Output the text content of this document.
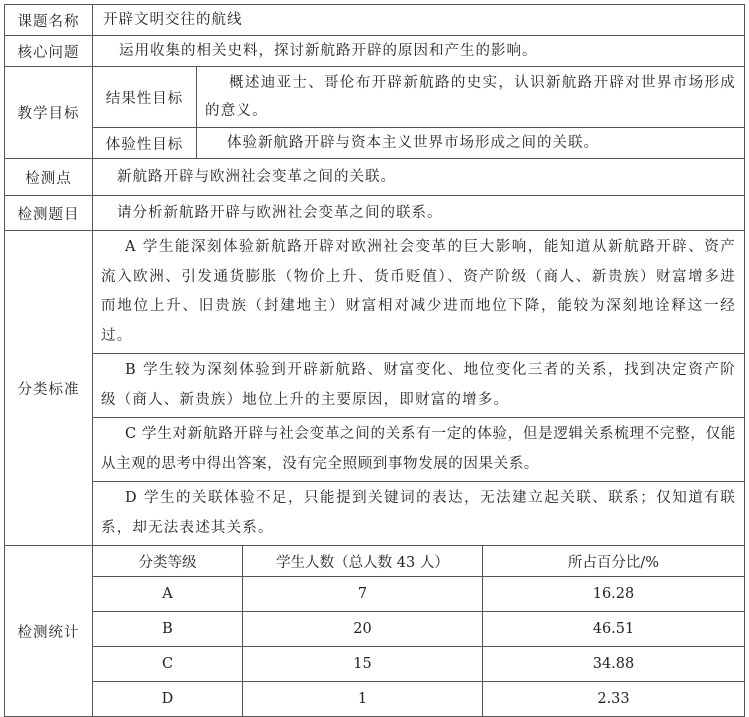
课题名称	开辟文明交往的航线			
核心问题	运用收集的相关史料，探讨新航路开辟的原因和产生的影响。			
教学目标	结果性目标	概述迪亚士、哥伦布开辟新航路的史实，认识新航路开辟对世界市场形成的意义。		
	体验性目标	体验新航路开辟与资本主义世界市场形成之间的关联。		
检测点	新航路开辟与欧洲社会变革之间的关联。			
检测题目	请分析新航路开辟与欧洲社会变革之间的联系。			
分类标准	A 学生能深刻体验新航路开辟对欧洲社会变革的巨大影响，能知道从新航路开辟、资产流入欧洲、引发通货膨胀（物价上升、货币贬值）、资产阶级（商人、新贵族）财富增多进而地位上升、旧贵族（封建地主）财富相对减少进而地位下降，能较为深刻地诠释这一经过。			
	B 学生较为深刻体验到开辟新航路、财富变化、地位变化三者的关系，找到决定资产阶级（商人、新贵族）地位上升的主要原因，即财富的增多。			
	C 学生对新航路开辟与社会变革之间的关系有一定的体验，但是逻辑关系梳理不完整，仅能从主观的思考中得出答案，没有完全照顾到事物发展的因果关系。			
	D 学生的关联体验不足，只能提到关键词的表达，无法建立起关联、联系；仅知道有联系，却无法表述其关系。			
检测统计	分类等级		学生人数（总人数 43 人）	所占百分比/%
	A		7	16.28
	B		20	46.51
	C		15	34.88
	D		1	2.33
